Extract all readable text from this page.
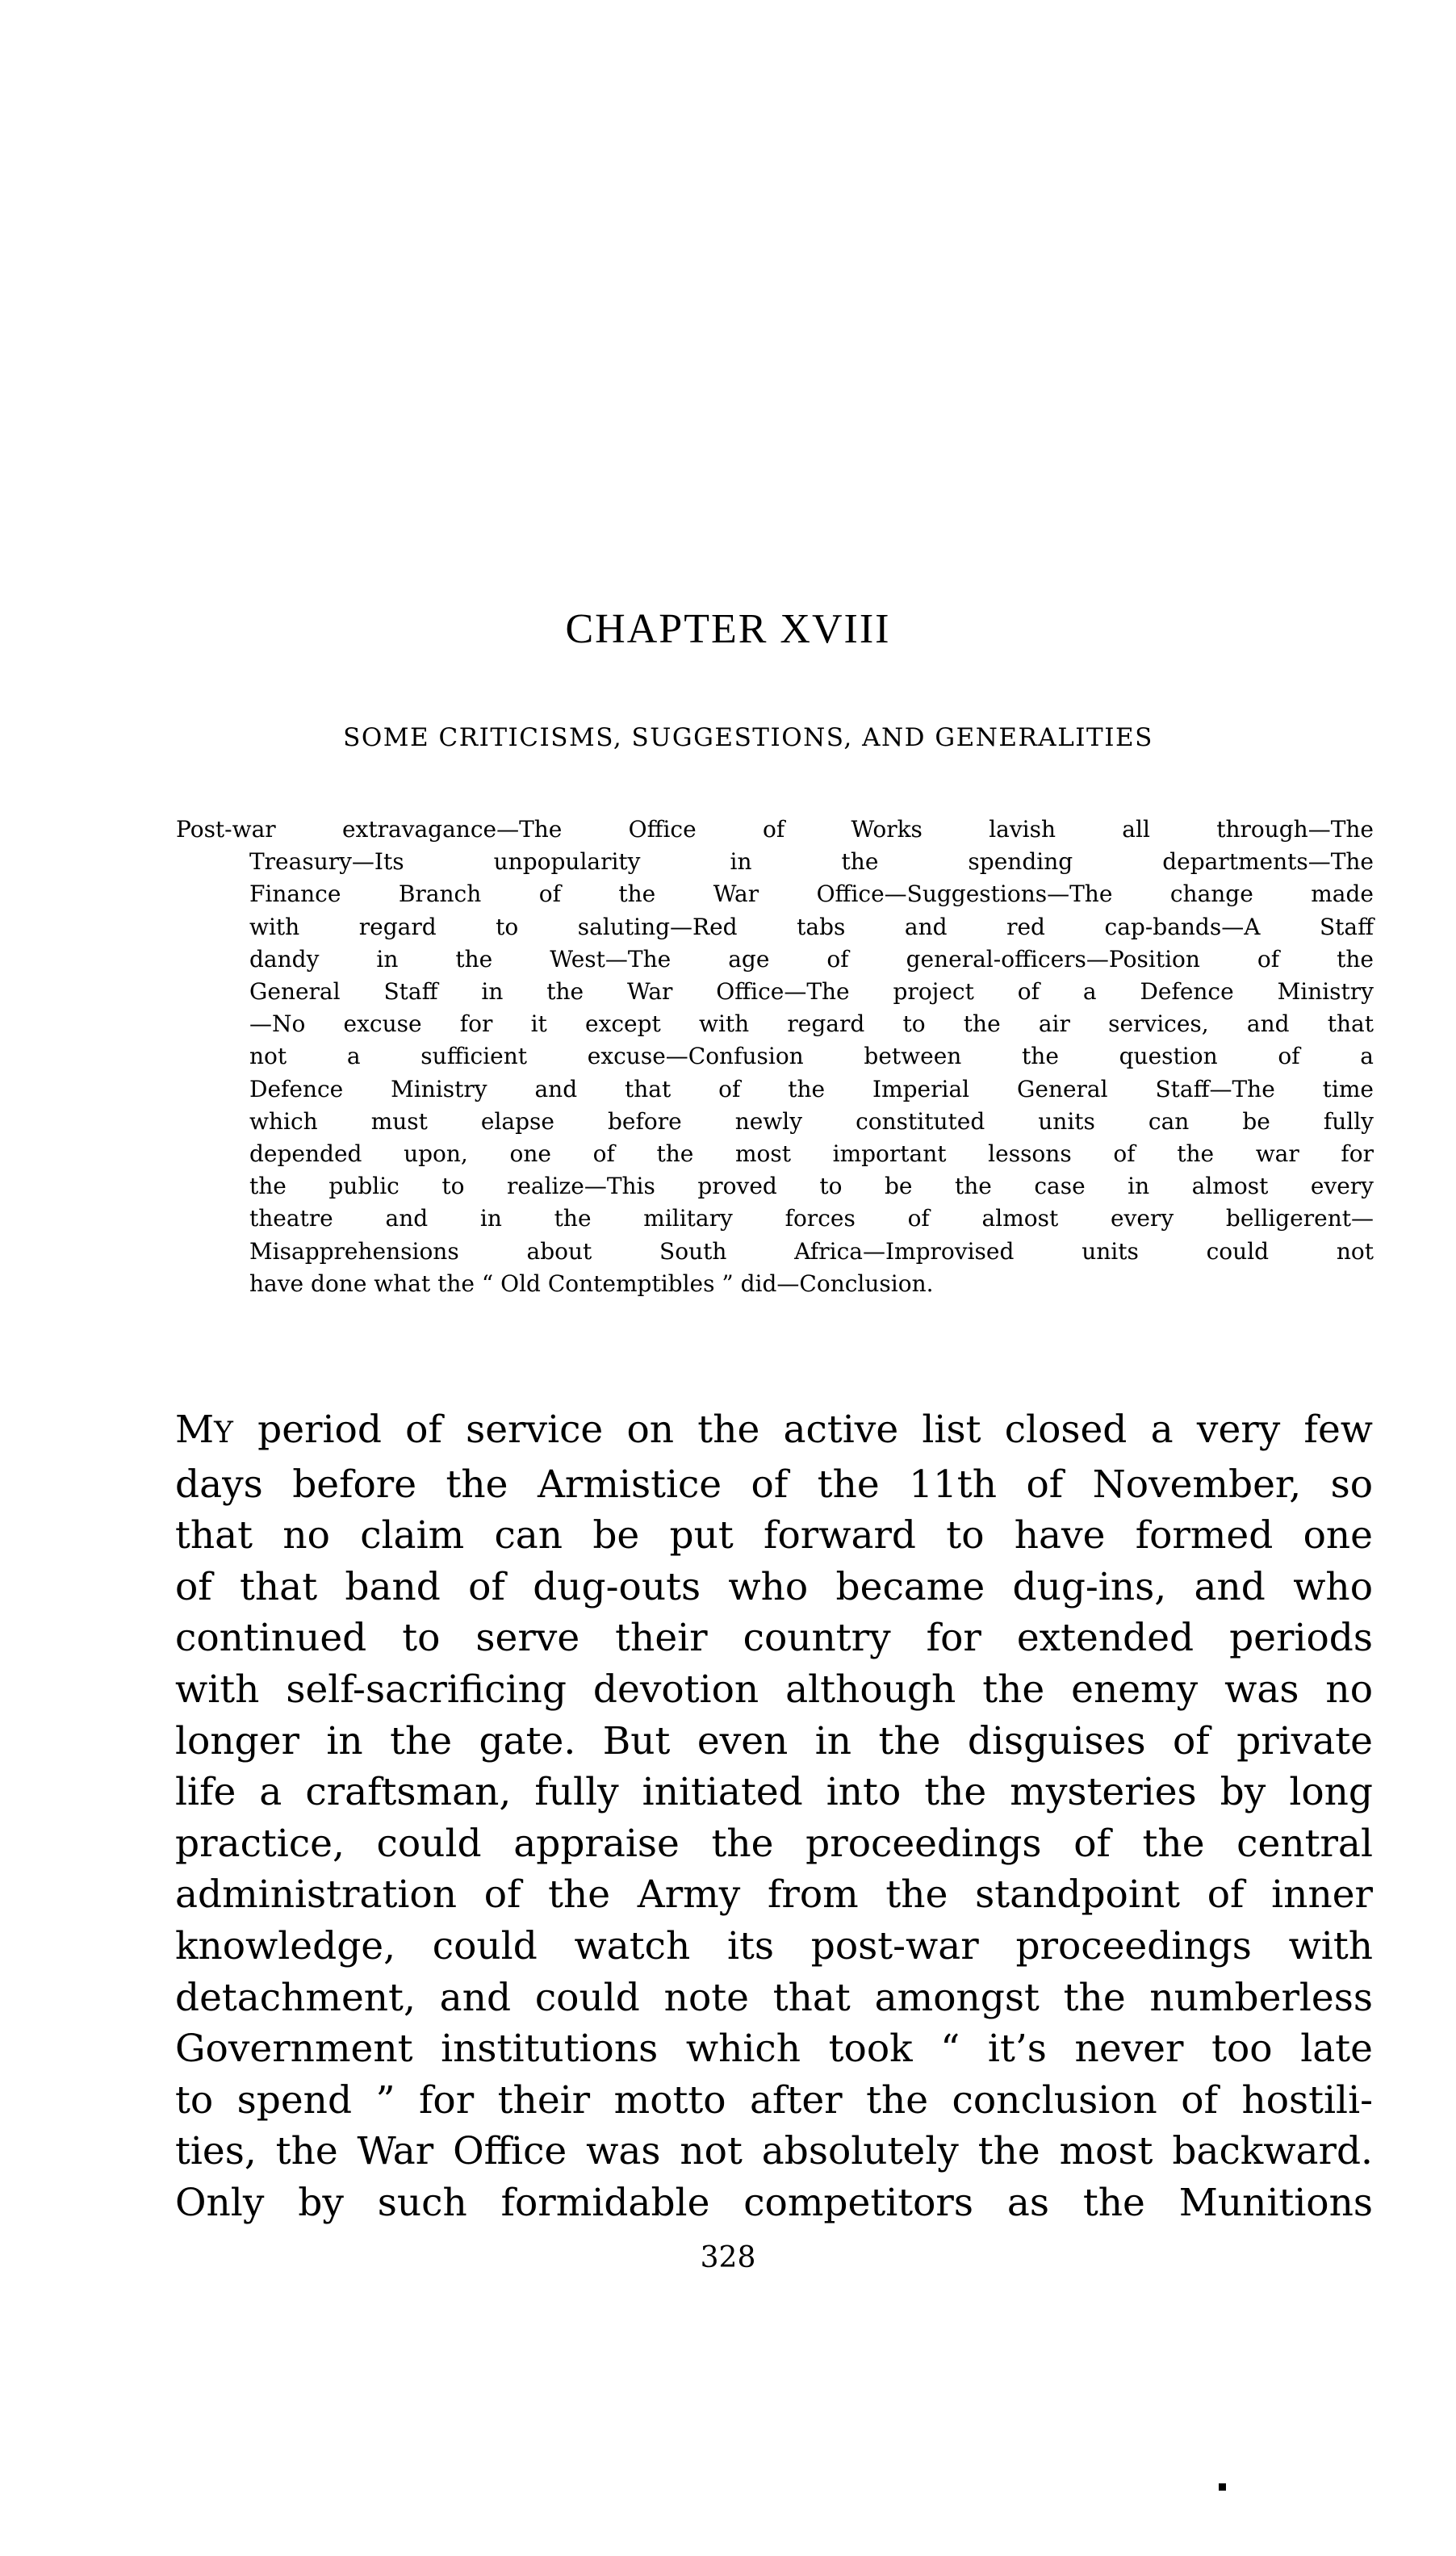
CHAPTER XVIII
SOME CRITICISMS, SUGGESTIONS, AND GENERALITIES
Post-war extravagance—The Office of Works lavish all through—The
Treasury—Its unpopularity in the spending departments—The
Finance Branch of the War Office—Suggestions—The change made
with regard to saluting—Red tabs and red cap-bands—A Staff
dandy in the West—The age of general-officers—Position of the
General Staff in the War Office—The project of a Defence Ministry
—No excuse for it except with regard to the air services, and that
not a sufficient excuse—Confusion between the question of a
Defence Ministry and that of the Imperial General Staff—The time
which must elapse before newly constituted units can be fully
depended upon, one of the most important lessons of the war for
the public to realize—This proved to be the case in almost every
theatre and in the military forces of almost every belligerent—
Misapprehensions about South Africa—Improvised units could not
have done what the “ Old Contemptibles ” did—Conclusion.
MY period of service on the active list closed a very few
days before the Armistice of the 11th of November, so
that no claim can be put forward to have formed one
of that band of dug-outs who became dug-ins, and who
continued to serve their country for extended periods
with self-sacrificing devotion although the enemy was no
longer in the gate. But even in the disguises of private
life a craftsman, fully initiated into the mysteries by long
practice, could appraise the proceedings of the central
administration of the Army from the standpoint of inner
knowledge, could watch its post-war proceedings with
detachment, and could note that amongst the numberless
Government institutions which took “ it’s never too late
to spend ” for their motto after the conclusion of hostili-
ties, the War Office was not absolutely the most backward.
Only by such formidable competitors as the Munitions
328
